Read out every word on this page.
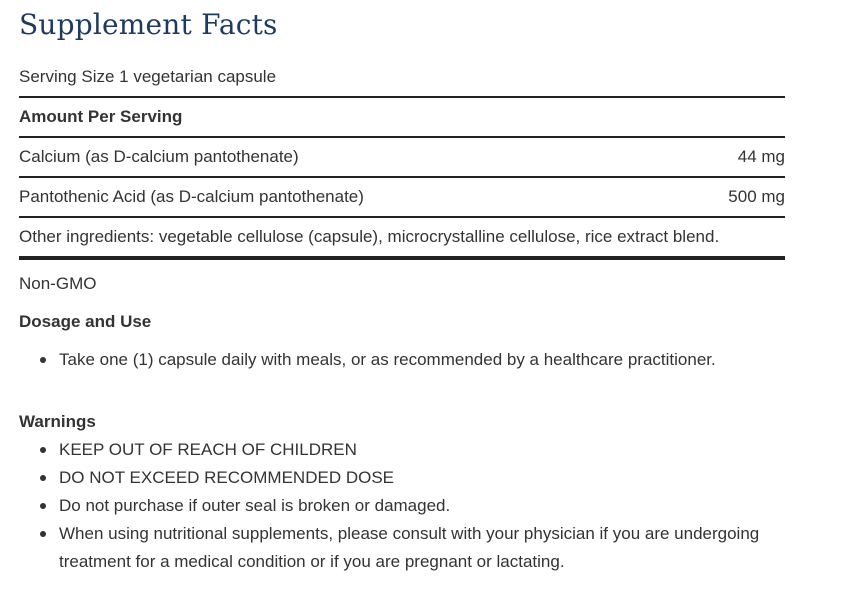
Supplement Facts
Serving Size 1 vegetarian capsule
Amount Per Serving
Calcium (as D-calcium pantothenate)	44 mg
Pantothenic Acid (as D-calcium pantothenate)	500 mg
Other ingredients: vegetable cellulose (capsule), microcrystalline cellulose, rice extract blend.
Non-GMO
Dosage and Use
Take one (1) capsule daily with meals, or as recommended by a healthcare practitioner.
Warnings
KEEP OUT OF REACH OF CHILDREN
DO NOT EXCEED RECOMMENDED DOSE
Do not purchase if outer seal is broken or damaged.
When using nutritional supplements, please consult with your physician if you are undergoing treatment for a medical condition or if you are pregnant or lactating.
